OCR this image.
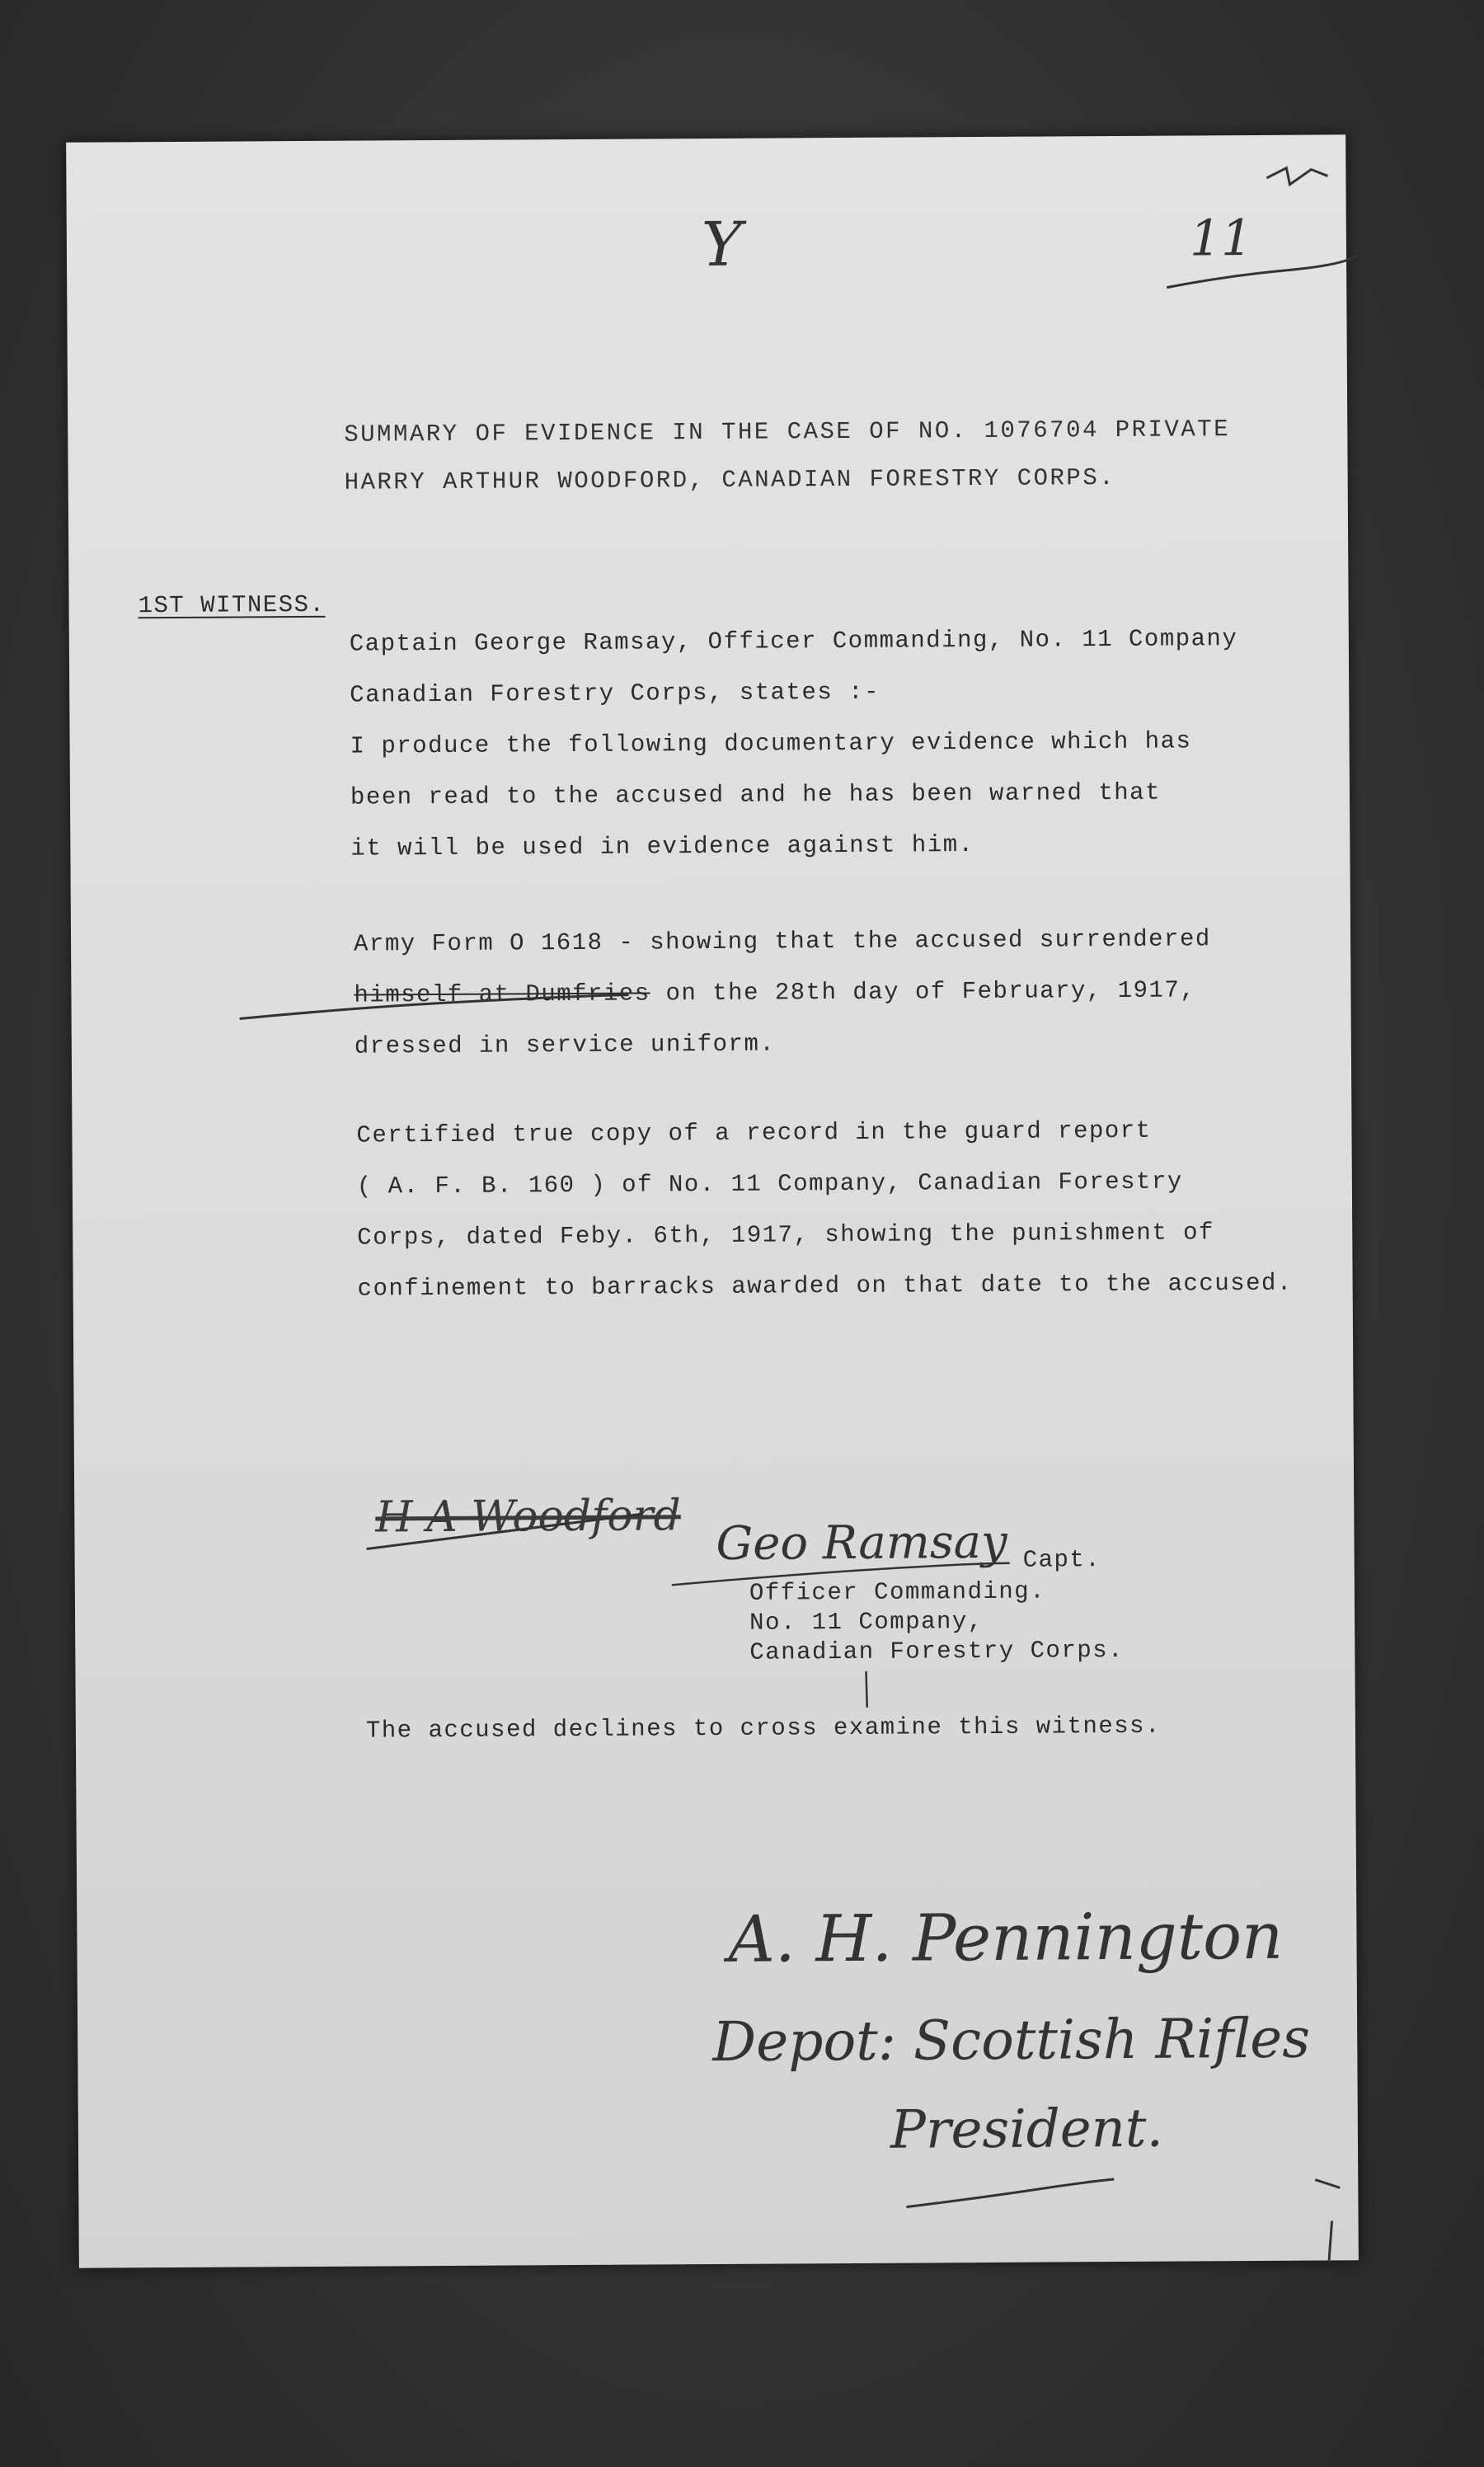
Y	11
SUMMARY OF EVIDENCE IN THE CASE OF NO. 1076704 PRIVATE
HARRY ARTHUR WOODFORD, CANADIAN FORESTRY CORPS.
1ST WITNESS.
Captain George Ramsay, Officer Commanding, No. 11 Company
Canadian Forestry Corps, states :-
I produce the following documentary evidence which has
been read to the accused and he has been warned that
it will be used in evidence against him.
Army Form O 1618 - showing that the accused surrendered
himself at Dumfries on the 28th day of February, 1917,
dressed in service uniform.
Certified true copy of a record in the guard report
( A. F. B. 160 ) of No. 11 Company, Canadian Forestry
Corps, dated Feby. 6th, 1917, showing the punishment of
confinement to barracks awarded on that date to the accused.
H A Woodford Geo Ramsay Capt.
Officer Commanding.
No. 11 Company,
Canadian Forestry Corps.
The accused declines to cross examine this witness.
A. H. Pennington
Depot: Scottish Rifles
President.
